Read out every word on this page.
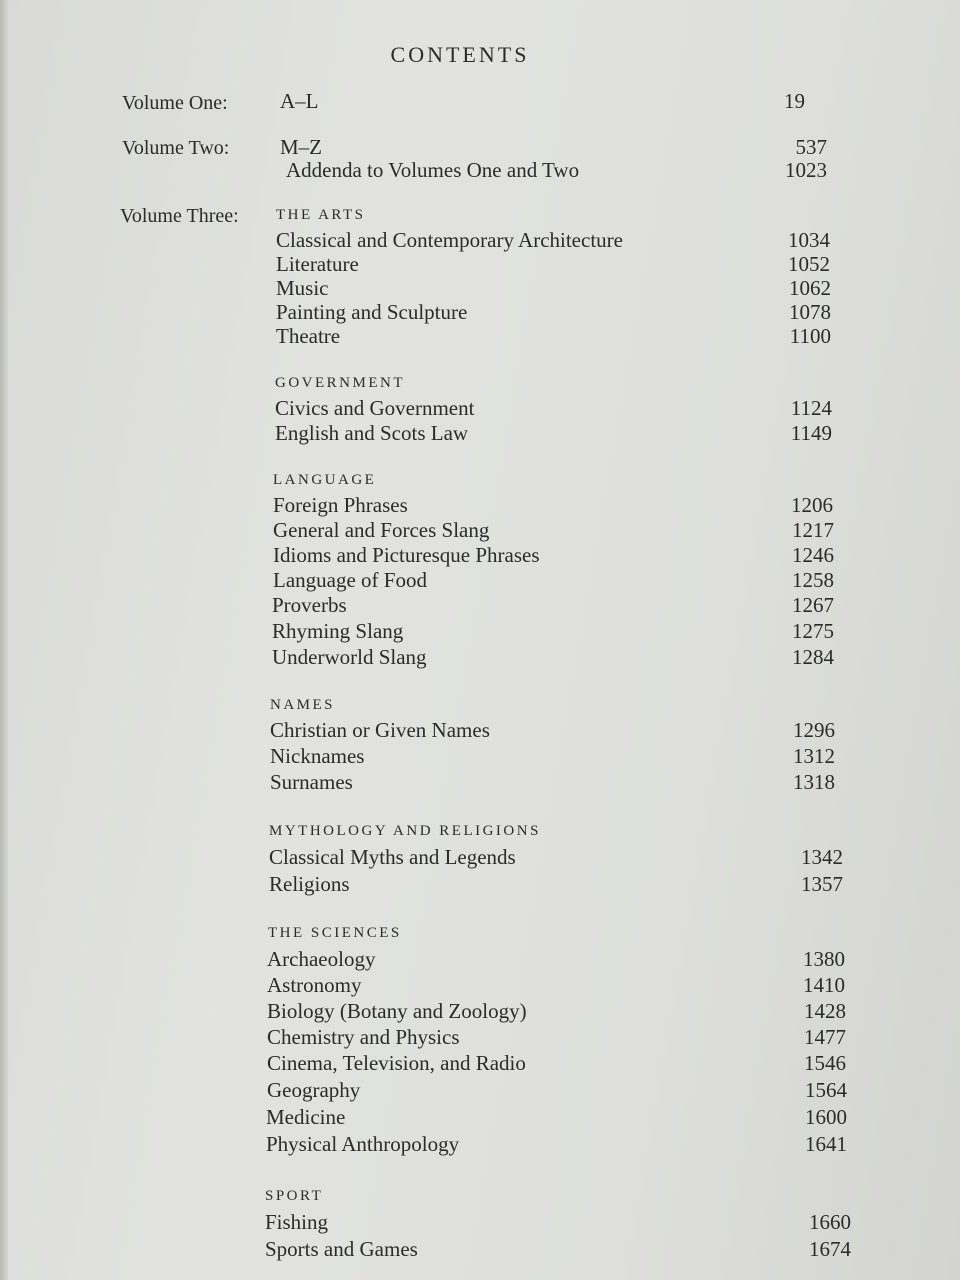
CONTENTS
Volume One: A–L	19
Volume Two: M–Z	537
Addenda to Volumes One and Two	1023
Volume Three: THE ARTS
Classical and Contemporary Architecture	1034
Literature	1052
Music	1062
Painting and Sculpture	1078
Theatre	1100
GOVERNMENT
Civics and Government	1124
English and Scots Law	1149
LANGUAGE
Foreign Phrases	1206
General and Forces Slang	1217
Idioms and Picturesque Phrases	1246
Language of Food	1258
Proverbs	1267
Rhyming Slang	1275
Underworld Slang	1284
NAMES
Christian or Given Names	1296
Nicknames	1312
Surnames	1318
MYTHOLOGY AND RELIGIONS
Classical Myths and Legends	1342
Religions	1357
THE SCIENCES
Archaeology	1380
Astronomy	1410
Biology (Botany and Zoology)	1428
Chemistry and Physics	1477
Cinema, Television, and Radio	1546
Geography	1564
Medicine	1600
Physical Anthropology	1641
SPORT
Fishing	1660
Sports and Games	1674
